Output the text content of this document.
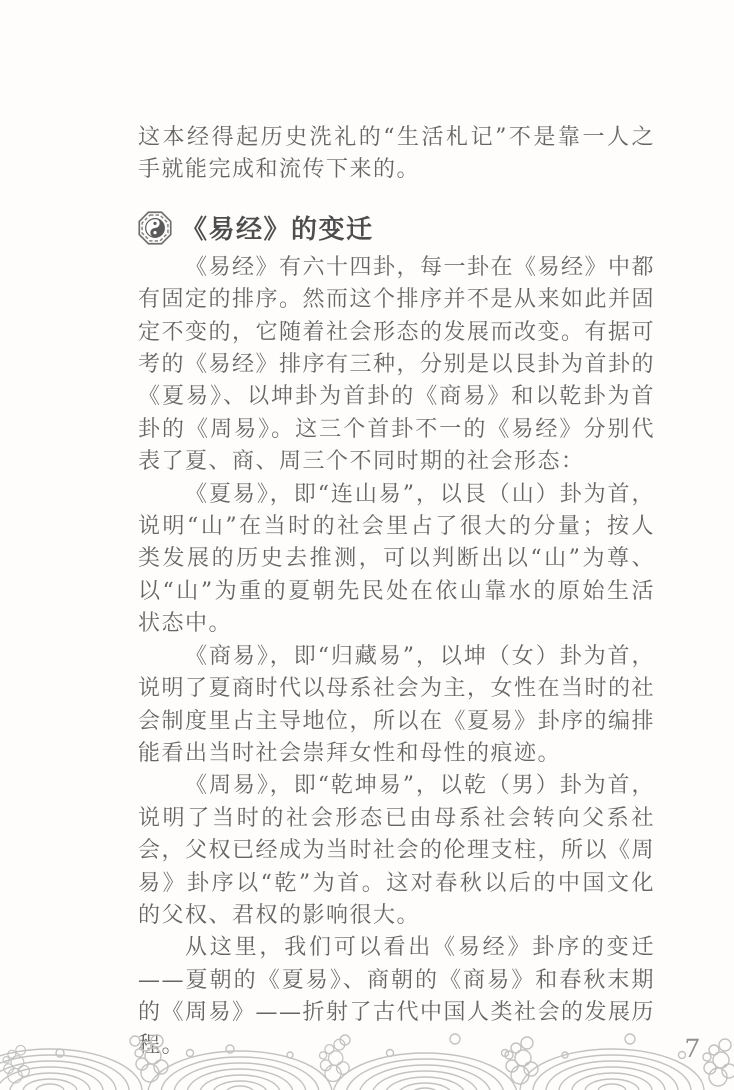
这本经得起历史洗礼的“生活札记”不是靠一人之手就能完成和流传下来的。

《易经》的变迁

《易经》有六十四卦，每一卦在《易经》中都有固定的排序。然而这个排序并不是从来如此并固定不变的，它随着社会形态的发展而改变。有据可考的《易经》排序有三种，分别是以艮卦为首卦的《夏易》、以坤卦为首卦的《商易》和以乾卦为首卦的《周易》。这三个首卦不一的《易经》分别代表了夏、商、周三个不同时期的社会形态：

《夏易》，即“连山易”，以艮（山）卦为首，说明“山”在当时的社会里占了很大的分量；按人类发展的历史去推测，可以判断出以“山”为尊、以“山”为重的夏朝先民处在依山靠水的原始生活状态中。

《商易》，即“归藏易”，以坤（女）卦为首，说明了夏商时代以母系社会为主，女性在当时的社会制度里占主导地位，所以在《夏易》卦序的编排能看出当时社会崇拜女性和母性的痕迹。

《周易》，即“乾坤易”，以乾（男）卦为首，说明了当时的社会形态已由母系社会转向父系社会，父权已经成为当时社会的伦理支柱，所以《周易》卦序以“乾”为首。这对春秋以后的中国文化的父权、君权的影响很大。

从这里，我们可以看出《易经》卦序的变迁——夏朝的《夏易》、商朝的《商易》和春秋末期的《周易》——折射了古代中国人类社会的发展历程。	7
